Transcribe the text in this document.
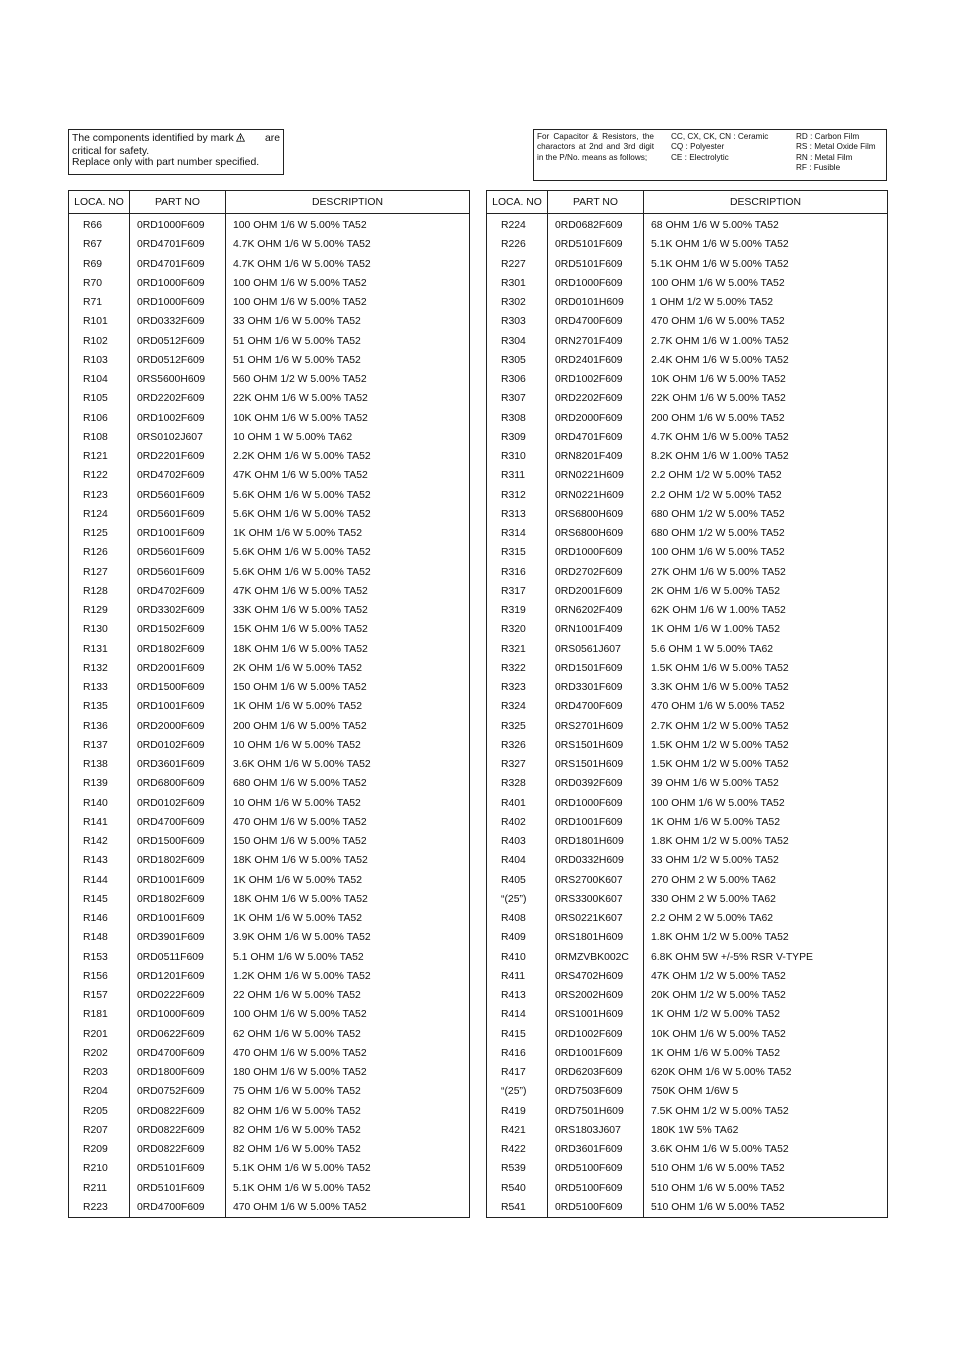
The components identified by mark	are
critical for safety.
Replace only with part number specified.
For Capacitor & Resistors, the charactors at 2nd and 3rd digit in the P/No. means as follows;
CC, CX, CK, CN : Ceramic
CQ : Polyester
CE : Electrolytic
RD : Carbon Film
RS : Metal Oxide Film
RN : Metal Film
RF : Fusible
LOCA. NO	PART NO	DESCRIPTION

R66	0RD1000F609	100 OHM 1/6 W 5.00% TA52
R67	0RD4701F609	4.7K OHM 1/6 W 5.00% TA52
R69	0RD4701F609	4.7K OHM 1/6 W 5.00% TA52
R70	0RD1000F609	100 OHM 1/6 W 5.00% TA52
R71	0RD1000F609	100 OHM 1/6 W 5.00% TA52
R101	0RD0332F609	33 OHM 1/6 W 5.00% TA52
R102	0RD0512F609	51 OHM 1/6 W 5.00% TA52
R103	0RD0512F609	51 OHM 1/6 W 5.00% TA52
R104	0RS5600H609	560 OHM 1/2 W 5.00% TA52
R105	0RD2202F609	22K OHM 1/6 W 5.00% TA52
R106	0RD1002F609	10K OHM 1/6 W 5.00% TA52
R108	0RS0102J607	10 OHM 1 W 5.00% TA62
R121	0RD2201F609	2.2K OHM 1/6 W 5.00% TA52
R122	0RD4702F609	47K OHM 1/6 W 5.00% TA52
R123	0RD5601F609	5.6K OHM 1/6 W 5.00% TA52
R124	0RD5601F609	5.6K OHM 1/6 W 5.00% TA52
R125	0RD1001F609	1K OHM 1/6 W 5.00% TA52
R126	0RD5601F609	5.6K OHM 1/6 W 5.00% TA52
R127	0RD5601F609	5.6K OHM 1/6 W 5.00% TA52
R128	0RD4702F609	47K OHM 1/6 W 5.00% TA52
R129	0RD3302F609	33K OHM 1/6 W 5.00% TA52
R130	0RD1502F609	15K OHM 1/6 W 5.00% TA52
R131	0RD1802F609	18K OHM 1/6 W 5.00% TA52
R132	0RD2001F609	2K OHM 1/6 W 5.00% TA52
R133	0RD1500F609	150 OHM 1/6 W 5.00% TA52
R135	0RD1001F609	1K OHM 1/6 W 5.00% TA52
R136	0RD2000F609	200 OHM 1/6 W 5.00% TA52
R137	0RD0102F609	10 OHM 1/6 W 5.00% TA52
R138	0RD3601F609	3.6K OHM 1/6 W 5.00% TA52
R139	0RD6800F609	680 OHM 1/6 W 5.00% TA52
R140	0RD0102F609	10 OHM 1/6 W 5.00% TA52
R141	0RD4700F609	470 OHM 1/6 W 5.00% TA52
R142	0RD1500F609	150 OHM 1/6 W 5.00% TA52
R143	0RD1802F609	18K OHM 1/6 W 5.00% TA52
R144	0RD1001F609	1K OHM 1/6 W 5.00% TA52
R145	0RD1802F609	18K OHM 1/6 W 5.00% TA52
R146	0RD1001F609	1K OHM 1/6 W 5.00% TA52
R148	0RD3901F609	3.9K OHM 1/6 W 5.00% TA52
R153	0RD0511F609	5.1 OHM 1/6 W 5.00% TA52
R156	0RD1201F609	1.2K OHM 1/6 W 5.00% TA52
R157	0RD0222F609	22 OHM 1/6 W 5.00% TA52
R181	0RD1000F609	100 OHM 1/6 W 5.00% TA52
R201	0RD0622F609	62 OHM 1/6 W 5.00% TA52
R202	0RD4700F609	470 OHM 1/6 W 5.00% TA52
R203	0RD1800F609	180 OHM 1/6 W 5.00% TA52
R204	0RD0752F609	75 OHM 1/6 W 5.00% TA52
R205	0RD0822F609	82 OHM 1/6 W 5.00% TA52
R207	0RD0822F609	82 OHM 1/6 W 5.00% TA52
R209	0RD0822F609	82 OHM 1/6 W 5.00% TA52
R210	0RD5101F609	5.1K OHM 1/6 W 5.00% TA52
R211	0RD5101F609	5.1K OHM 1/6 W 5.00% TA52
R223	0RD4700F609	470 OHM 1/6 W 5.00% TA52
LOCA. NO	PART NO	DESCRIPTION

R224	0RD0682F609	68 OHM 1/6 W 5.00% TA52
R226	0RD5101F609	5.1K OHM 1/6 W 5.00% TA52
R227	0RD5101F609	5.1K OHM 1/6 W 5.00% TA52
R301	0RD1000F609	100 OHM 1/6 W 5.00% TA52
R302	0RD0101H609	1 OHM 1/2 W 5.00% TA52
R303	0RD4700F609	470 OHM 1/6 W 5.00% TA52
R304	0RN2701F409	2.7K OHM 1/6 W 1.00% TA52
R305	0RD2401F609	2.4K OHM 1/6 W 5.00% TA52
R306	0RD1002F609	10K OHM 1/6 W 5.00% TA52
R307	0RD2202F609	22K OHM 1/6 W 5.00% TA52
R308	0RD2000F609	200 OHM 1/6 W 5.00% TA52
R309	0RD4701F609	4.7K OHM 1/6 W 5.00% TA52
R310	0RN8201F409	8.2K OHM 1/6 W 1.00% TA52
R311	0RN0221H609	2.2 OHM 1/2 W 5.00% TA52
R312	0RN0221H609	2.2 OHM 1/2 W 5.00% TA52
R313	0RS6800H609	680 OHM 1/2 W 5.00% TA52
R314	0RS6800H609	680 OHM 1/2 W 5.00% TA52
R315	0RD1000F609	100 OHM 1/6 W 5.00% TA52
R316	0RD2702F609	27K OHM 1/6 W 5.00% TA52
R317	0RD2001F609	2K OHM 1/6 W 5.00% TA52
R319	0RN6202F409	62K OHM 1/6 W 1.00% TA52
R320	0RN1001F409	1K OHM 1/6 W 1.00% TA52
R321	0RS0561J607	5.6 OHM 1 W 5.00% TA62
R322	0RD1501F609	1.5K OHM 1/6 W 5.00% TA52
R323	0RD3301F609	3.3K OHM 1/6 W 5.00% TA52
R324	0RD4700F609	470 OHM 1/6 W 5.00% TA52
R325	0RS2701H609	2.7K OHM 1/2 W 5.00% TA52
R326	0RS1501H609	1.5K OHM 1/2 W 5.00% TA52
R327	0RS1501H609	1.5K OHM 1/2 W 5.00% TA52
R328	0RD0392F609	39 OHM 1/6 W 5.00% TA52
R401	0RD1000F609	100 OHM 1/6 W 5.00% TA52
R402	0RD1001F609	1K OHM 1/6 W 5.00% TA52
R403	0RD1801H609	1.8K OHM 1/2 W 5.00% TA52
R404	0RD0332H609	33 OHM 1/2 W 5.00% TA52
R405	0RS2700K607	270 OHM 2 W 5.00% TA62
“(25”)	0RS3300K607	330 OHM 2 W 5.00% TA62
R408	0RS0221K607	2.2 OHM 2 W 5.00% TA62
R409	0RS1801H609	1.8K OHM 1/2 W 5.00% TA52
R410	0RMZVBK002C	6.8K OHM 5W +/-5% RSR V-TYPE
R411	0RS4702H609	47K OHM 1/2 W 5.00% TA52
R413	0RS2002H609	20K OHM 1/2 W 5.00% TA52
R414	0RS1001H609	1K OHM 1/2 W 5.00% TA52
R415	0RD1002F609	10K OHM 1/6 W 5.00% TA52
R416	0RD1001F609	1K OHM 1/6 W 5.00% TA52
R417	0RD6203F609	620K OHM 1/6 W 5.00% TA52
“(25”)	0RD7503F609	750K OHM 1/6W 5
R419	0RD7501H609	7.5K OHM 1/2 W 5.00% TA52
R421	0RS1803J607	180K 1W 5% TA62
R422	0RD3601F609	3.6K OHM 1/6 W 5.00% TA52
R539	0RD5100F609	510 OHM 1/6 W 5.00% TA52
R540	0RD5100F609	510 OHM 1/6 W 5.00% TA52
R541	0RD5100F609	510 OHM 1/6 W 5.00% TA52
